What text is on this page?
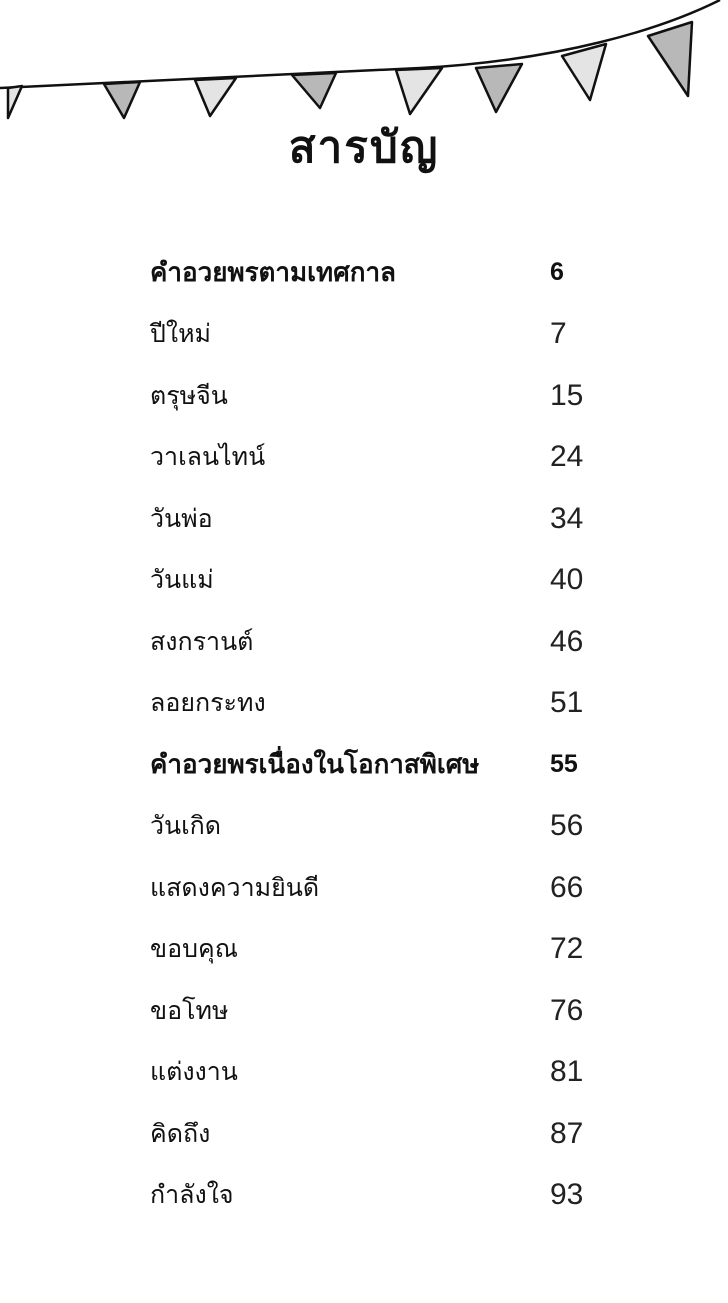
สารบัญ
คำอวยพรตามเทศกาล	6
ปีใหม่	7
ตรุษจีน	15
วาเลนไทน์	24
วันพ่อ	34
วันแม่	40
สงกรานต์	46
ลอยกระทง	51
คำอวยพรเนื่องในโอกาสพิเศษ	55
วันเกิด	56
แสดงความยินดี	66
ขอบคุณ	72
ขอโทษ	76
แต่งงาน	81
คิดถึง	87
กำลังใจ	93
